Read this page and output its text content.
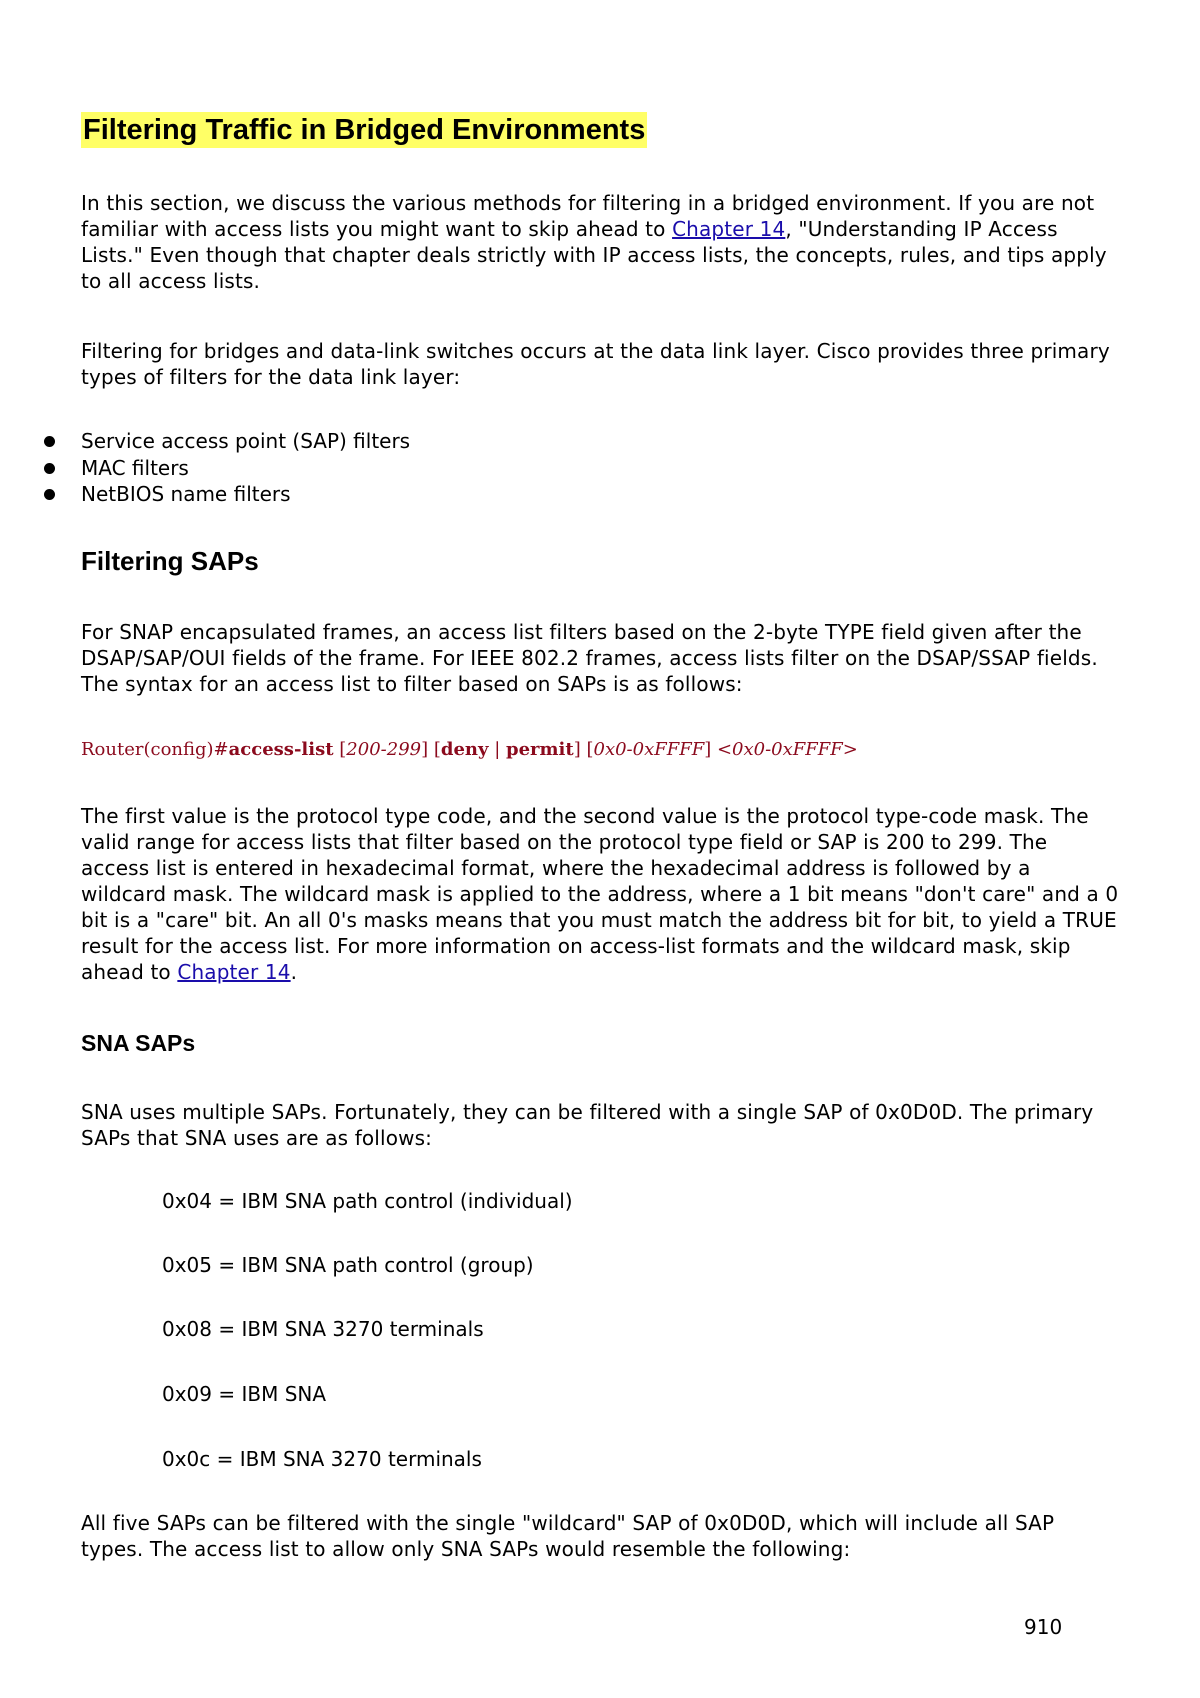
Filtering Traffic in Bridged Environments

In this section, we discuss the various methods for filtering in a bridged environment. If you are not familiar with access lists you might want to skip ahead to Chapter 14, "Understanding IP Access Lists." Even though that chapter deals strictly with IP access lists, the concepts, rules, and tips apply to all access lists.

Filtering for bridges and data-link switches occurs at the data link layer. Cisco provides three primary types of filters for the data link layer:

Service access point (SAP) filters
MAC filters
NetBIOS name filters
Filtering SAPs

For SNAP encapsulated frames, an access list filters based on the 2-byte TYPE field given after the DSAP/SAP/OUI fields of the frame. For IEEE 802.2 frames, access lists filter on the DSAP/SSAP fields. The syntax for an access list to filter based on SAPs is as follows:

Router(config)#access-list [200-299] [deny | permit] [0x0-0xFFFF] <0x0-0xFFFF>

The first value is the protocol type code, and the second value is the protocol type-code mask. The valid range for access lists that filter based on the protocol type field or SAP is 200 to 299. The access list is entered in hexadecimal format, where the hexadecimal address is followed by a wildcard mask. The wildcard mask is applied to the address, where a 1 bit means "don't care" and a 0 bit is a "care" bit. An all 0's masks means that you must match the address bit for bit, to yield a TRUE result for the access list. For more information on access-list formats and the wildcard mask, skip ahead to Chapter 14.

SNA SAPs

SNA uses multiple SAPs. Fortunately, they can be filtered with a single SAP of 0x0D0D. The primary SAPs that SNA uses are as follows:

0x04 = IBM SNA path control (individual)
0x05 = IBM SNA path control (group)
0x08 = IBM SNA 3270 terminals
0x09 = IBM SNA
0x0c = IBM SNA 3270 terminals

All five SAPs can be filtered with the single "wildcard" SAP of 0x0D0D, which will include all SAP types. The access list to allow only SNA SAPs would resemble the following:

910
